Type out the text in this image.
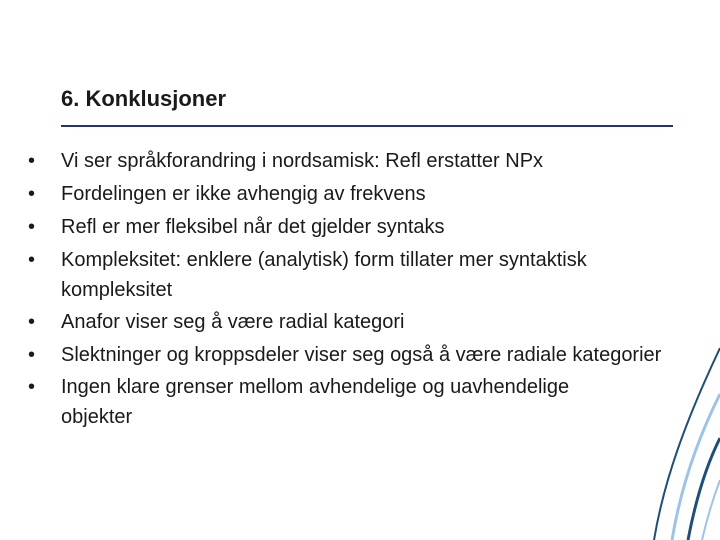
6. Konklusjoner
• Vi ser språkforandring i nordsamisk: Refl erstatter NPx
• Fordelingen er ikke avhengig av frekvens
• Refl er mer fleksibel når det gjelder syntaks
• Kompleksitet: enklere (analytisk) form tillater mer syntaktisk kompleksitet
• Anafor viser seg å være radial kategori
• Slektninger og kroppsdeler viser seg også å være radiale kategorier
• Ingen klare grenser mellom avhendelige og uavhendelige objekter
